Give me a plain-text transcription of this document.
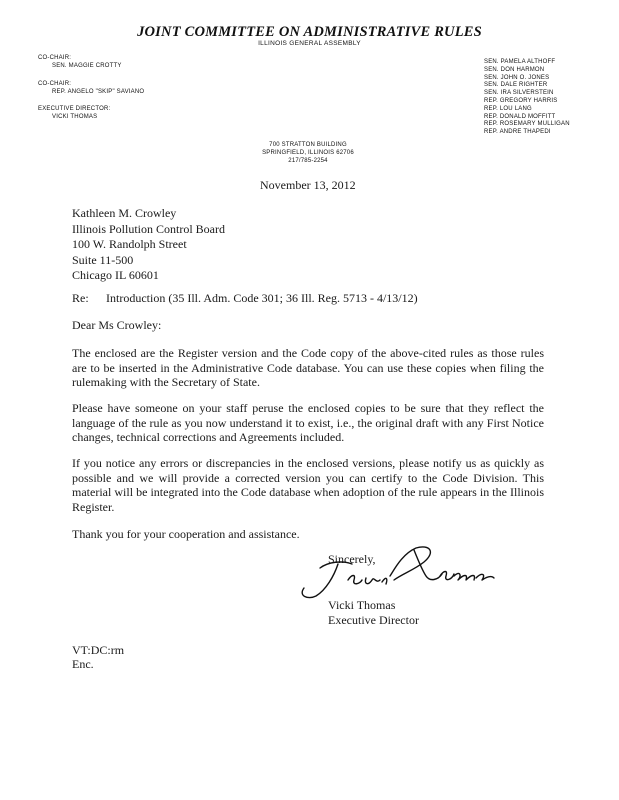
JOINT COMMITTEE ON ADMINISTRATIVE RULES
ILLINOIS GENERAL ASSEMBLY
CO-CHAIR:
SEN. MAGGIE CROTTY
CO-CHAIR:
REP. ANGELO "SKIP" SAVIANO
EXECUTIVE DIRECTOR:
VICKI THOMAS
SEN. PAMELA ALTHOFF
SEN. DON HARMON
SEN. JOHN O. JONES
SEN. DALE RIGHTER
SEN. IRA SILVERSTEIN
REP. GREGORY HARRIS
REP. LOU LANG
REP. DONALD MOFFITT
REP. ROSEMARY MULLIGAN
REP. ANDRE THAPEDI
700 STRATTON BUILDING
SPRINGFIELD, ILLINOIS 62706
217/785-2254
November 13, 2012
Kathleen M. Crowley
Illinois Pollution Control Board
100 W. Randolph Street
Suite 11-500
Chicago IL 60601
Re: Introduction (35 Ill. Adm. Code 301; 36 Ill. Reg. 5713 - 4/13/12)
Dear Ms Crowley:
The enclosed are the Register version and the Code copy of the above-cited rules as those rules are to be inserted in the Administrative Code database. You can use these copies when filing the rulemaking with the Secretary of State.
Please have someone on your staff peruse the enclosed copies to be sure that they reflect the language of the rule as you now understand it to exist, i.e., the original draft with any First Notice changes, technical corrections and Agreements included.
If you notice any errors or discrepancies in the enclosed versions, please notify us as quickly as possible and we will provide a corrected version you can certify to the Code Division. This material will be integrated into the Code database when adoption of the rule appears in the Illinois Register.
Thank you for your cooperation and assistance.
Sincerely,
Vicki Thomas
Executive Director
VT:DC:rm
Enc.
